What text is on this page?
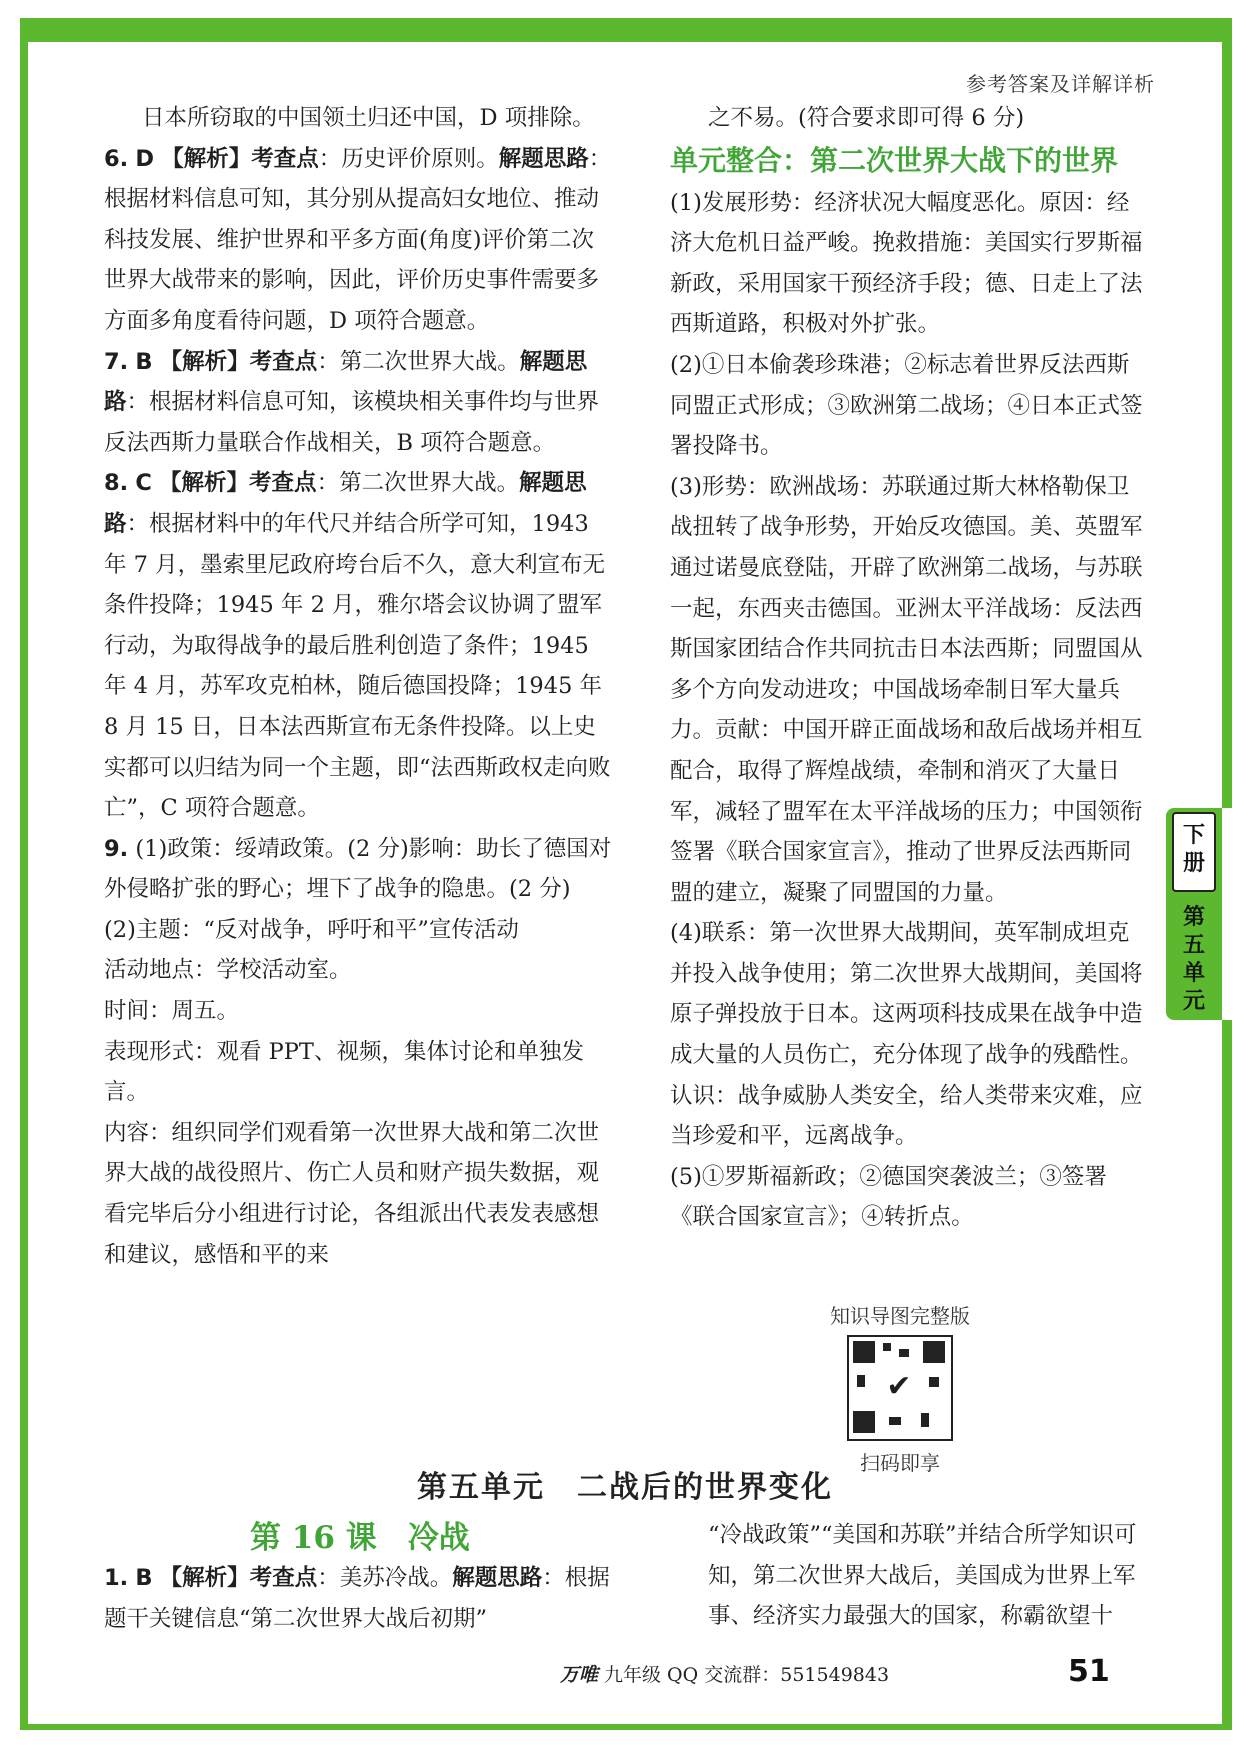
参考答案及详解详析

日本所窃取的中国领土归还中国，D 项排除。

6. D 【解析】考查点：历史评价原则。解题思路：根据材料信息可知，其分别从提高妇女地位、推动科技发展、维护世界和平多方面(角度)评价第二次世界大战带来的影响，因此，评价历史事件需要多方面多角度看待问题，D 项符合题意。

7. B 【解析】考查点：第二次世界大战。解题思路：根据材料信息可知，该模块相关事件均与世界反法西斯力量联合作战相关，B 项符合题意。

8. C 【解析】考查点：第二次世界大战。解题思路：根据材料中的年代尺并结合所学可知，1943 年 7 月，墨索里尼政府垮台后不久，意大利宣布无条件投降；1945 年 2 月，雅尔塔会议协调了盟军行动，为取得战争的最后胜利创造了条件；1945 年 4 月，苏军攻克柏林，随后德国投降；1945 年 8 月 15 日，日本法西斯宣布无条件投降。以上史实都可以归结为同一个主题，即“法西斯政权走向败亡”，C 项符合题意。

9. (1)政策：绥靖政策。(2 分)影响：助长了德国对外侵略扩张的野心；埋下了战争的隐患。(2 分)

(2)主题：“反对战争，呼吁和平”宣传活动

活动地点：学校活动室。

时间：周五。

表现形式：观看 PPT、视频，集体讨论和单独发言。

内容：组织同学们观看第一次世界大战和第二次世界大战的战役照片、伤亡人员和财产损失数据，观看完毕后分小组进行讨论，各组派出代表发表感想和建议，感悟和平的来

之不易。(符合要求即可得 6 分)

单元整合：第二次世界大战下的世界

(1)发展形势：经济状况大幅度恶化。原因：经济大危机日益严峻。挽救措施：美国实行罗斯福新政，采用国家干预经济手段；德、日走上了法西斯道路，积极对外扩张。

(2)①日本偷袭珍珠港；②标志着世界反法西斯同盟正式形成；③欧洲第二战场；④日本正式签署投降书。

(3)形势：欧洲战场：苏联通过斯大林格勒保卫战扭转了战争形势，开始反攻德国。美、英盟军通过诺曼底登陆，开辟了欧洲第二战场，与苏联一起，东西夹击德国。亚洲太平洋战场：反法西斯国家团结合作共同抗击日本法西斯；同盟国从多个方向发动进攻；中国战场牵制日军大量兵力。贡献：中国开辟正面战场和敌后战场并相互配合，取得了辉煌战绩，牵制和消灭了大量日军，减轻了盟军在太平洋战场的压力；中国领衔签署《联合国家宣言》，推动了世界反法西斯同盟的建立，凝聚了同盟国的力量。

(4)联系：第一次世界大战期间，英军制成坦克并投入战争使用；第二次世界大战期间，美国将原子弹投放于日本。这两项科技成果在战争中造成大量的人员伤亡，充分体现了战争的残酷性。认识：战争威胁人类安全，给人类带来灾难，应当珍爱和平，远离战争。

(5)①罗斯福新政；②德国突袭波兰；③签署《联合国家宣言》；④转折点。

知识导图完整版
✔
扫码即享
下册
第五单元
第五单元　二战后的世界变化
第 16 课　冷战

1. B 【解析】考查点：美苏冷战。解题思路：根据题干关键信息“第二次世界大战后初期”

“冷战政策”“美国和苏联”并结合所学知识可知，第二次世界大战后，美国成为世界上军事、经济实力最强大的国家，称霸欲望十

万唯 九年级 QQ 交流群：551549843	51
